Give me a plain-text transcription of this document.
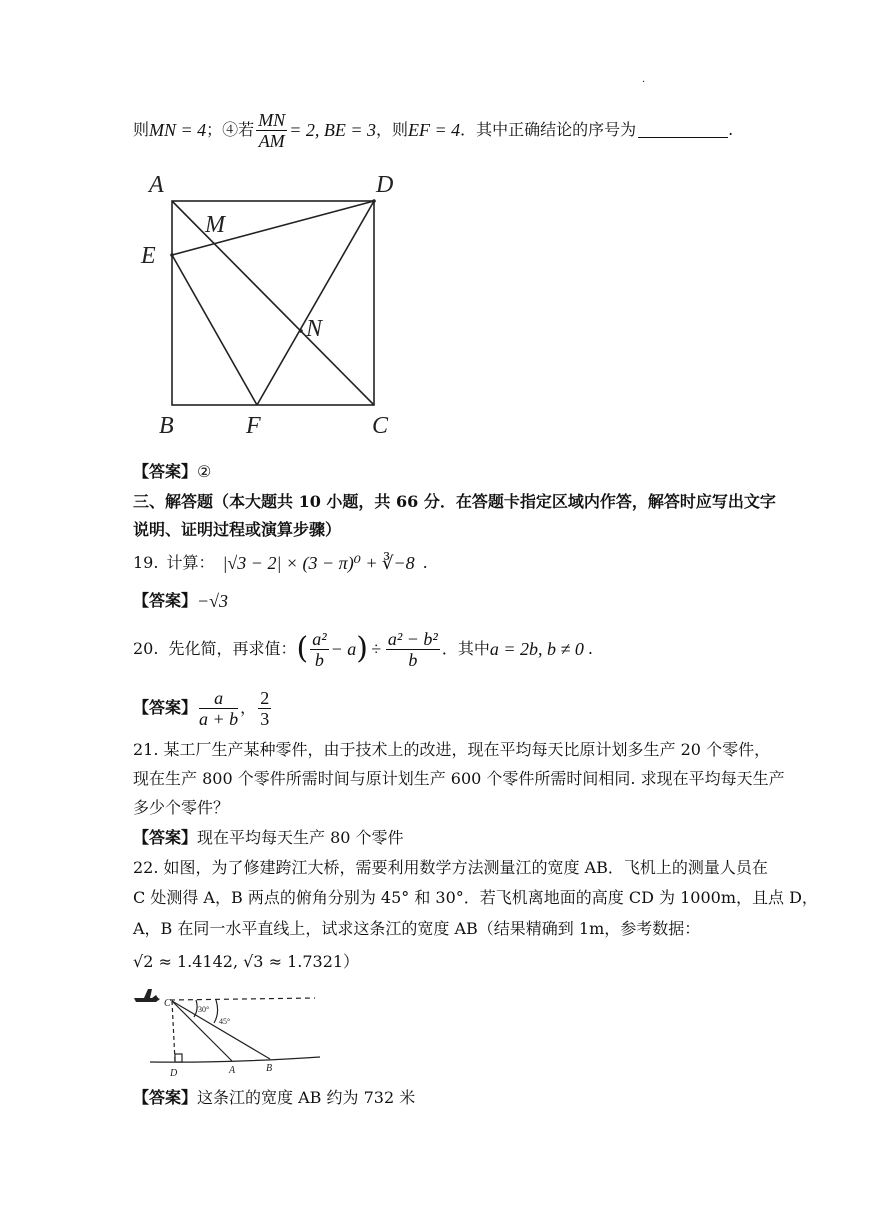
.
则 MN = 4 ；④若 $\frac{MN}{AM} = 2$, BE = 3 ，则 EF = 4 ．其中正确结论的序号为	.
A	D
M
E
N
B	F	C
【答案】②
三、解答题（本大题共 10 小题，共 66 分．在答题卡指定区域内作答，解答时应写出文字
说明、证明过程或演算步骤）
19. 计算： |√3 − 2| × (3 − π)⁰ + ∛−8 .
【答案】 −√3
20. 先化简，再求值： ( $\frac{\text{a²}}{b} - a$ ) ÷ $\frac{\text{a² − b²}}{b}$ ．其中 a = 2b, b ≠ 0 .
【答案】 $\frac{a}{a + b}$ ， $\frac{2}{3}$
21. 某工厂生产某种零件，由于技术上的改进，现在平均每天比原计划多生产 20 个零件，
现在生产 800 个零件所需时间与原计划生产 600 个零件所需时间相同. 求现在平均每天生产
多少个零件？
【答案】现在平均每天生产 80 个零件
22. 如图，为了修建跨江大桥，需要利用数学方法测量江的宽度 AB．飞机上的测量人员在
C 处测得 A，B 两点的俯角分别为 45° 和 30°．若飞机离地面的高度 CD 为 1000m，且点 D，
A，B 在同一水平直线上，试求这条江的宽度 AB（结果精确到 1m，参考数据：
√2 ≈ 1.4142, √3 ≈ 1.7321）
C
D	A	B
30°
45°
【答案】这条江的宽度 AB 约为 732 米
